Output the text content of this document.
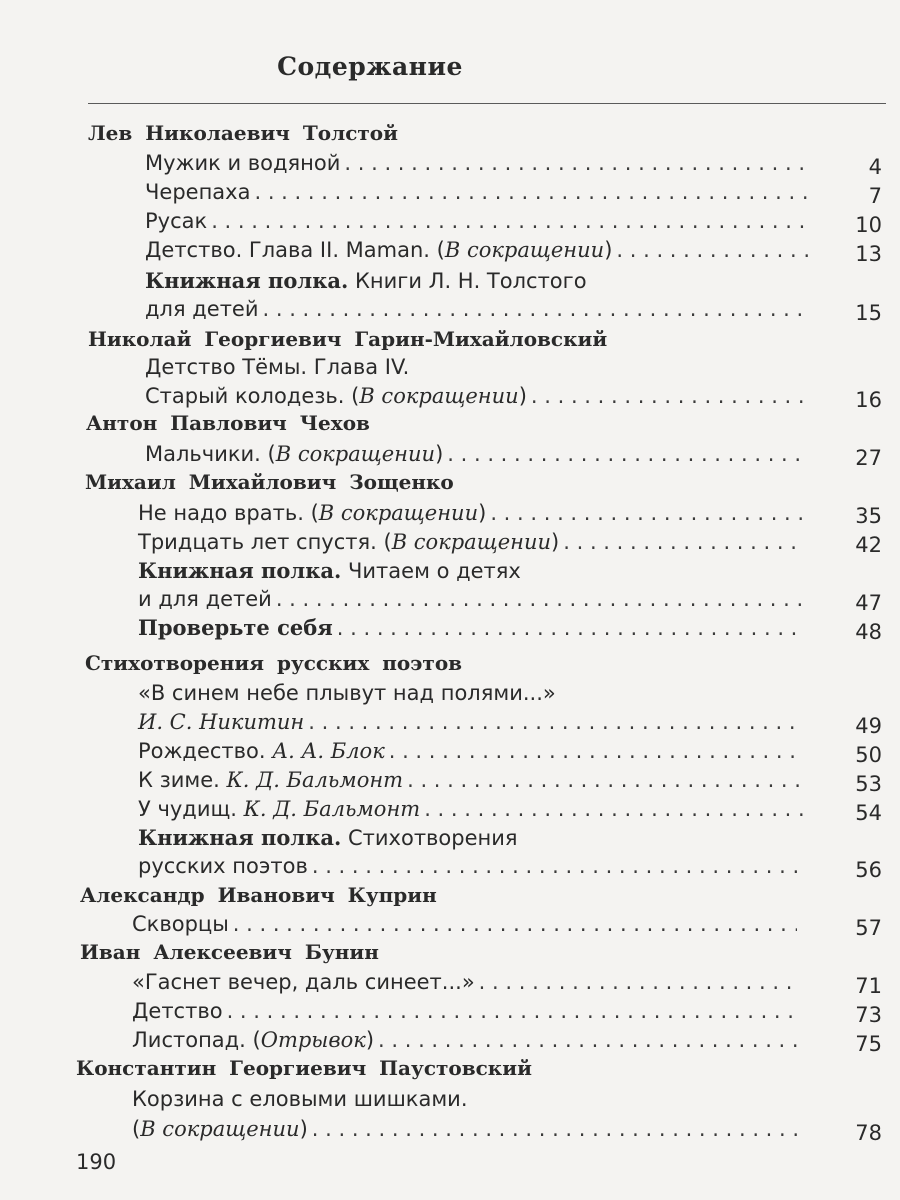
Содержание
Лев Николаевич Толстой
Мужик и водяной . . .	4
Черепаха . . .	7
Русак . . .	10
Детство. Глава II. Maman. (В сокращении) . . .	13
Книжная полка. Книги Л. Н. Толстого
для детей . . .	15
Николай Георгиевич Гарин-Михайловский
Детство Тёмы. Глава IV.
Старый колодезь. (В сокращении) . . .	16
Антон Павлович Чехов
Мальчики. (В сокращении) . . .	27
Михаил Михайлович Зощенко
Не надо врать. (В сокращении) . . .	35
Тридцать лет спустя. (В сокращении) . . .	42
Книжная полка. Читаем о детях
и для детей . . .	47
Проверьте себя . . .	48
Стихотворения русских поэтов
«В синем небе плывут над полями...»
И. С. Никитин . . .	49
Рождество. А. А. Блок . . .	50
К зиме. К. Д. Бальмонт . . .	53
У чудищ. К. Д. Бальмонт . . .	54
Книжная полка. Стихотворения
русских поэтов . . .	56
Александр Иванович Куприн
Скворцы . . .	57
Иван Алексеевич Бунин
«Гаснет вечер, даль синеет...» . . .	71
Детство . . .	73
Листопад. (Отрывок) . . .	75
Константин Георгиевич Паустовский
Корзина с еловыми шишками.
(В сокращении) . . .	78
190
